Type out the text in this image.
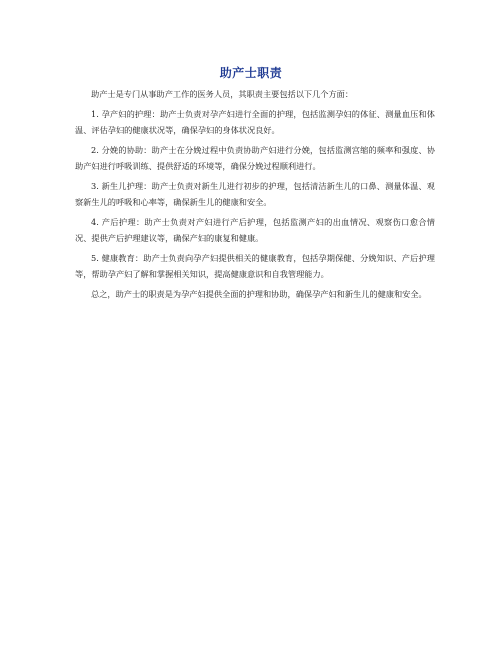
助产士职责

助产士是专门从事助产工作的医务人员，其职责主要包括以下几个方面：

1. 孕产妇的护理：助产士负责对孕产妇进行全面的护理，包括监测孕妇的体征、测量血压和体温、评估孕妇的健康状况等，确保孕妇的身体状况良好。

2. 分娩的协助：助产士在分娩过程中负责协助产妇进行分娩，包括监测宫缩的频率和强度、协助产妇进行呼吸训练、提供舒适的环境等，确保分娩过程顺利进行。

3. 新生儿护理：助产士负责对新生儿进行初步的护理，包括清洁新生儿的口鼻、测量体温、观察新生儿的呼吸和心率等，确保新生儿的健康和安全。

4. 产后护理：助产士负责对产妇进行产后护理，包括监测产妇的出血情况、观察伤口愈合情况、提供产后护理建议等，确保产妇的康复和健康。

5. 健康教育：助产士负责向孕产妇提供相关的健康教育，包括孕期保健、分娩知识、产后护理等，帮助孕产妇了解和掌握相关知识，提高健康意识和自我管理能力。

总之，助产士的职责是为孕产妇提供全面的护理和协助，确保孕产妇和新生儿的健康和安全。
